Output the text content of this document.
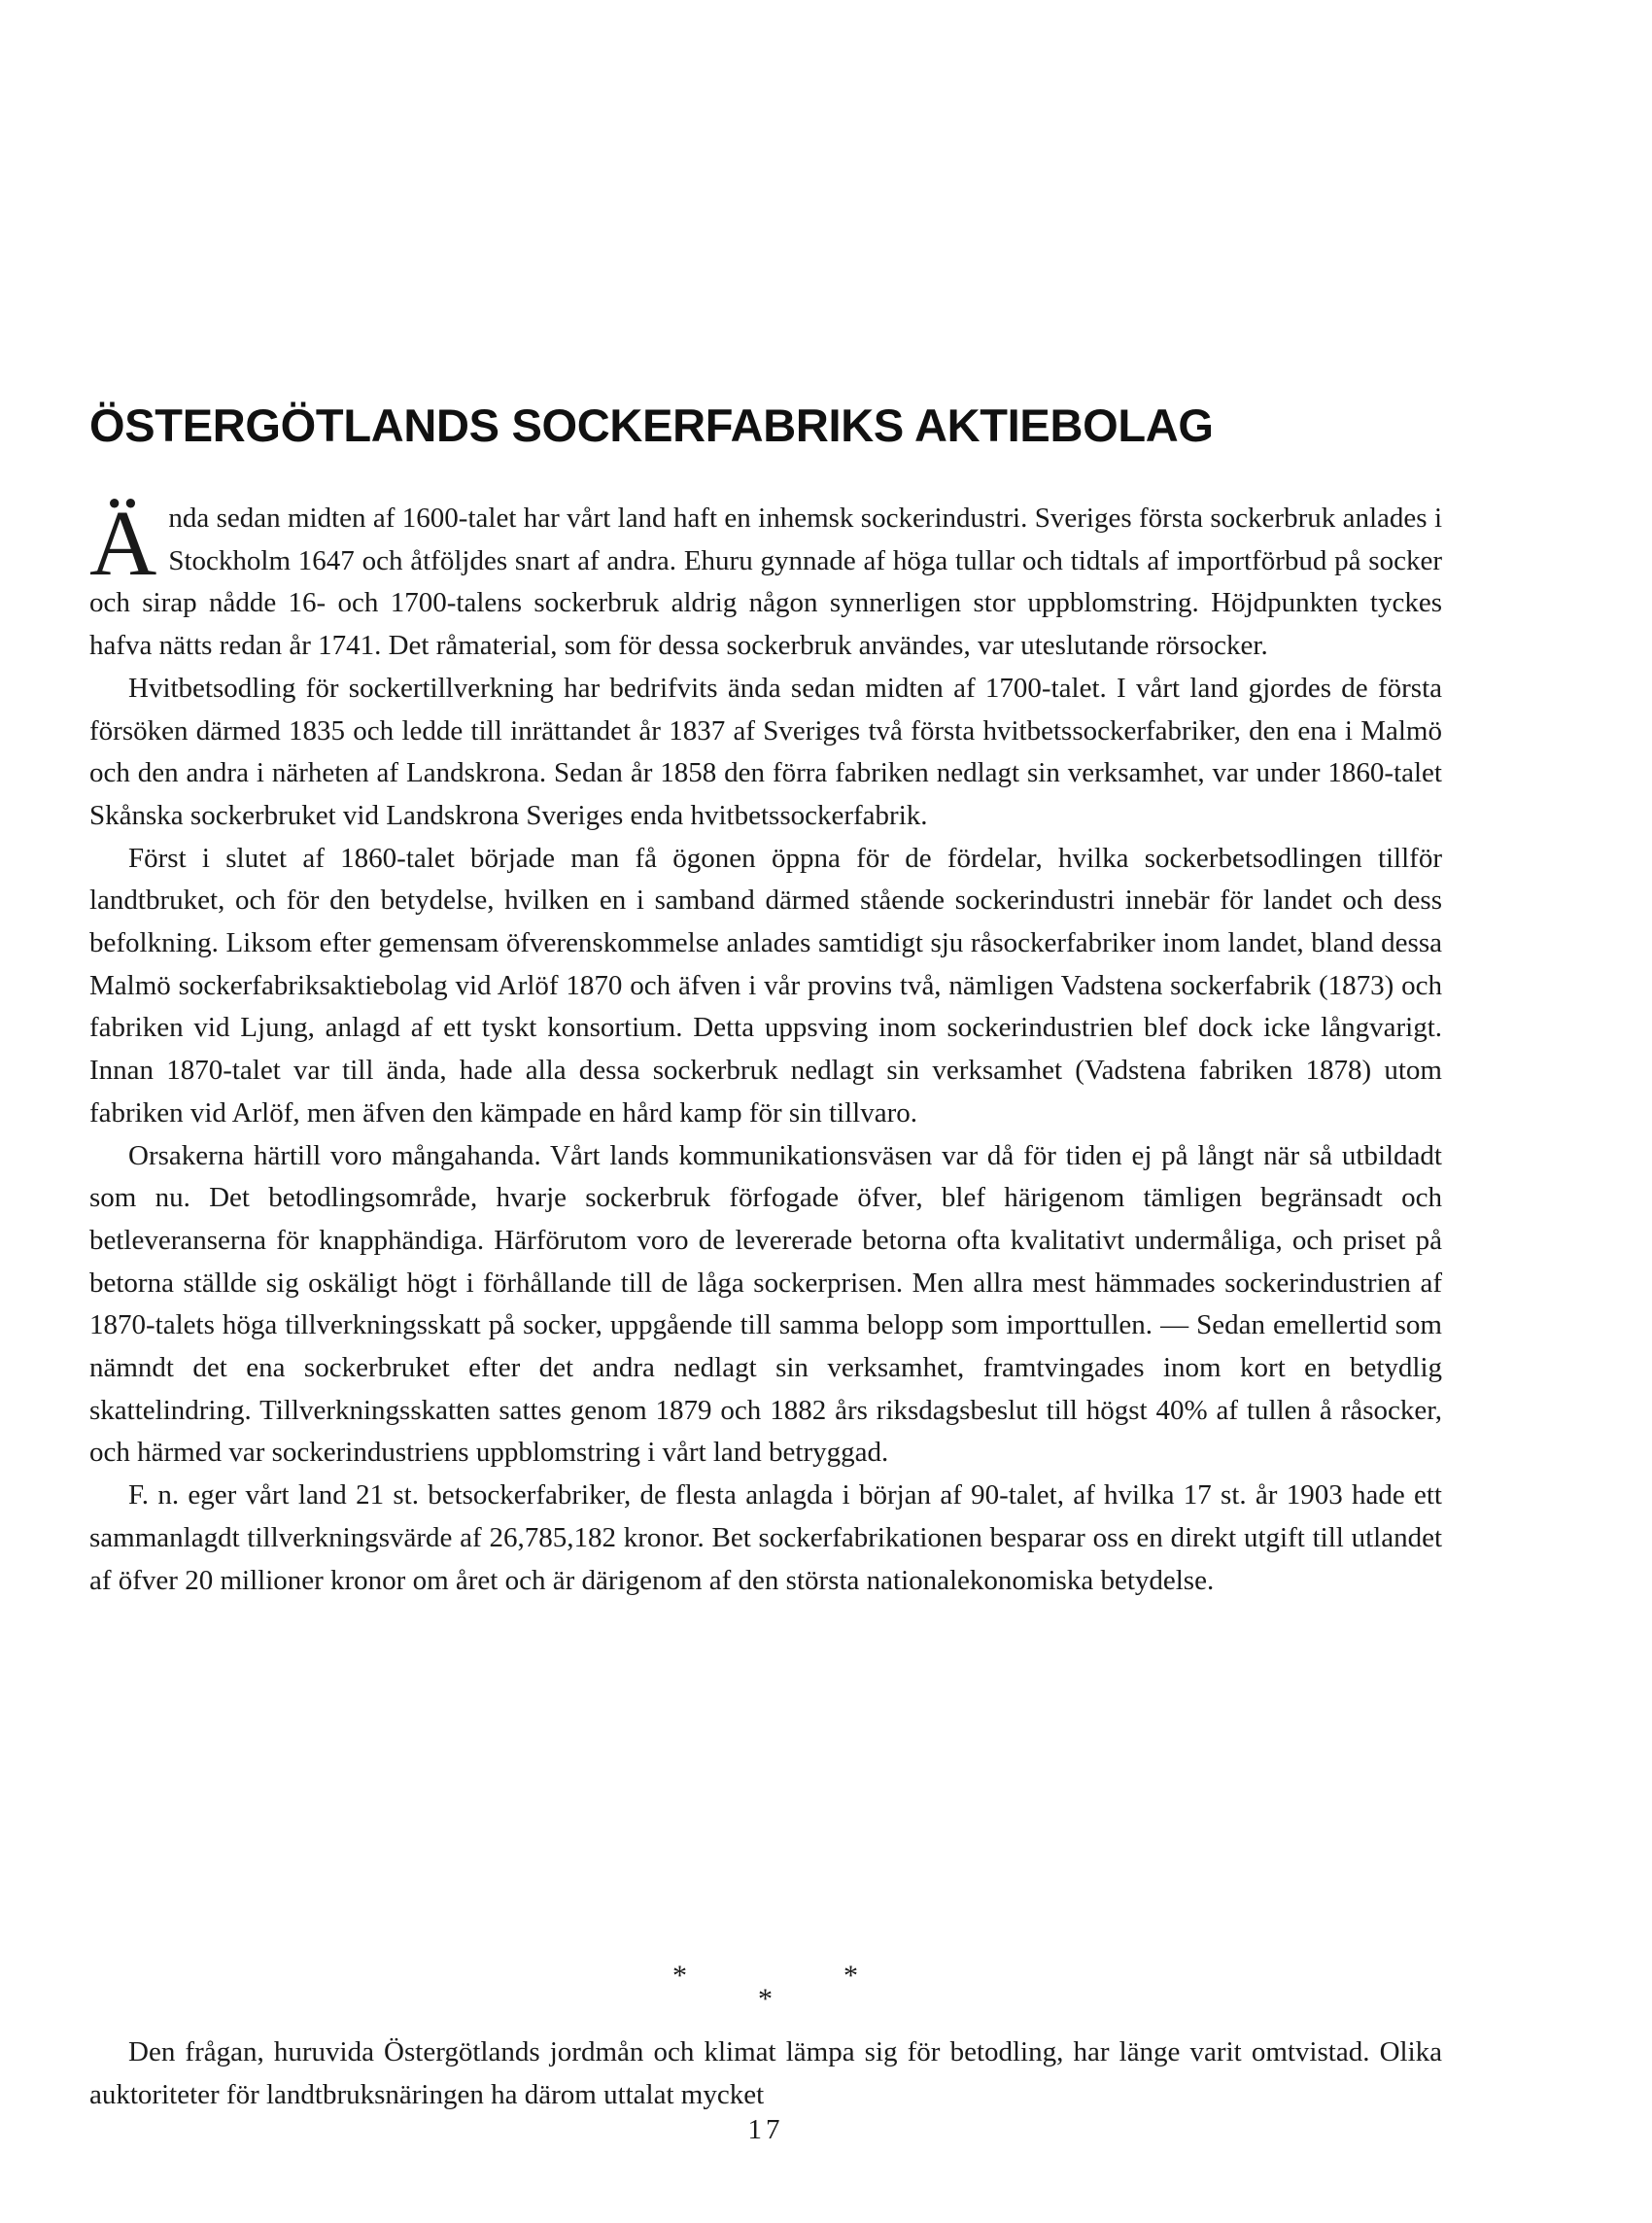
ÖSTERGÖTLANDS SOCKERFABRIKS AKTIEBOLAG

Ända sedan midten af 1600-talet har vårt land haft en inhemsk sockerindustri. Sveriges första sockerbruk anlades i Stockholm 1647 och åtföljdes snart af andra. Ehuru gynnade af höga tullar och tidtals af importförbud på socker och sirap nådde 16- och 1700-talens sockerbruk aldrig någon synnerligen stor uppblomstring. Höjdpunkten tyckes hafva nätts redan år 1741. Det råmaterial, som för dessa sockerbruk användes, var uteslutande rörsocker.

Hvitbetsodling för sockertillverkning har bedrifvits ända sedan midten af 1700-talet. I vårt land gjordes de första försöken därmed 1835 och ledde till inrättandet år 1837 af Sveriges två första hvitbetssockerfabriker, den ena i Malmö och den andra i närheten af Landskrona. Sedan år 1858 den förra fabriken nedlagt sin verksamhet, var under 1860-talet Skånska sockerbruket vid Landskrona Sveriges enda hvitbetssockerfabrik.

Först i slutet af 1860-talet började man få ögonen öppna för de fördelar, hvilka sockerbetsodlingen tillför landtbruket, och för den betydelse, hvilken en i samband därmed stående sockerindustri innebär för landet och dess befolkning. Liksom efter gemensam öfverenskommelse anlades samtidigt sju råsockerfabriker inom landet, bland dessa Malmö sockerfabriksaktiebolag vid Arlöf 1870 och äfven i vår provins två, nämligen Vadstena sockerfabrik (1873) och fabriken vid Ljung, anlagd af ett tyskt konsortium. Detta uppsving inom sockerindustrien blef dock icke långvarigt. Innan 1870-talet var till ända, hade alla dessa sockerbruk nedlagt sin verksamhet (Vadstena fabriken 1878) utom fabriken vid Arlöf, men äfven den kämpade en hård kamp för sin tillvaro.

Orsakerna härtill voro mångahanda. Vårt lands kommunikationsväsen var då för tiden ej på långt när så utbildadt som nu. Det betodlingsområde, hvarje sockerbruk förfogade öfver, blef härigenom tämligen begränsadt och betleveranserna för knapphändiga. Härförutom voro de levererade betorna ofta kvalitativt undermåliga, och priset på betorna ställde sig oskäligt högt i förhållande till de låga sockerprisen. Men allra mest hämmades sockerindustrien af 1870-talets höga tillverkningsskatt på socker, uppgående till samma belopp som importtullen. — Sedan emellertid som nämndt det ena sockerbruket efter det andra nedlagt sin verksamhet, framtvingades inom kort en betydlig skattelindring. Tillverkningsskatten sattes genom 1879 och 1882 års riksdagsbeslut till högst 40% af tullen å råsocker, och härmed var sockerindustriens uppblomstring i vårt land betryggad.

F. n. eger vårt land 21 st. betsockerfabriker, de flesta anlagda i början af 90-talet, af hvilka 17 st. år 1903 hade ett sammanlagdt tillverkningsvärde af 26,785,182 kronor. Bet sockerfabrikationen besparar oss en direkt utgift till utlandet af öfver 20 millioner kronor om året och är därigenom af den största nationalekonomiska betydelse.

*
*
*

Den frågan, huruvida Östergötlands jordmån och klimat lämpa sig för betodling, har länge varit omtvistad. Olika auktoriteter för landtbruksnäringen ha därom uttalat mycket

17
